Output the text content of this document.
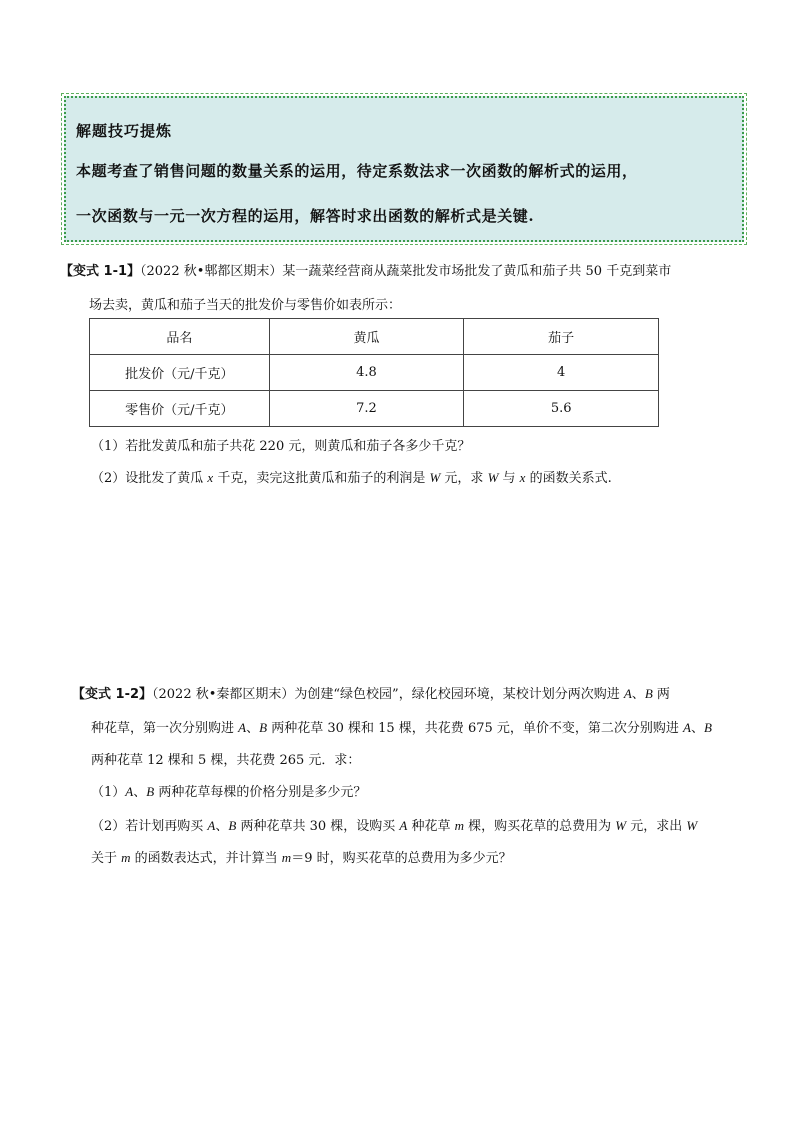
解题技巧提炼
本题考查了销售问题的数量关系的运用，待定系数法求一次函数的解析式的运用，
一次函数与一元一次方程的运用，解答时求出函数的解析式是关键.
【变式 1-1】（2022 秋•郫都区期末）某一蔬菜经营商从蔬菜批发市场批发了黄瓜和茄子共 50 千克到菜市
场去卖，黄瓜和茄子当天的批发价与零售价如表所示：
品名	黄瓜	茄子
批发价（元/千克）	4.8	4
零售价（元/千克）	7.2	5.6
（1）若批发黄瓜和茄子共花 220 元，则黄瓜和茄子各多少千克？
（2）设批发了黄瓜 x 千克，卖完这批黄瓜和茄子的利润是 W 元，求 W 与 x 的函数关系式.
【变式 1-2】（2022 秋•秦都区期末）为创建“绿色校园”，绿化校园环境，某校计划分两次购进 A、B 两
种花草，第一次分别购进 A、B 两种花草 30 棵和 15 棵，共花费 675 元，单价不变，第二次分别购进 A、B
两种花草 12 棵和 5 棵，共花费 265 元．求：
（1）A、B 两种花草每棵的价格分别是多少元？
（2）若计划再购买 A、B 两种花草共 30 棵，设购买 A 种花草 m 棵，购买花草的总费用为 W 元，求出 W
关于 m 的函数表达式，并计算当 m＝9 时，购买花草的总费用为多少元？
